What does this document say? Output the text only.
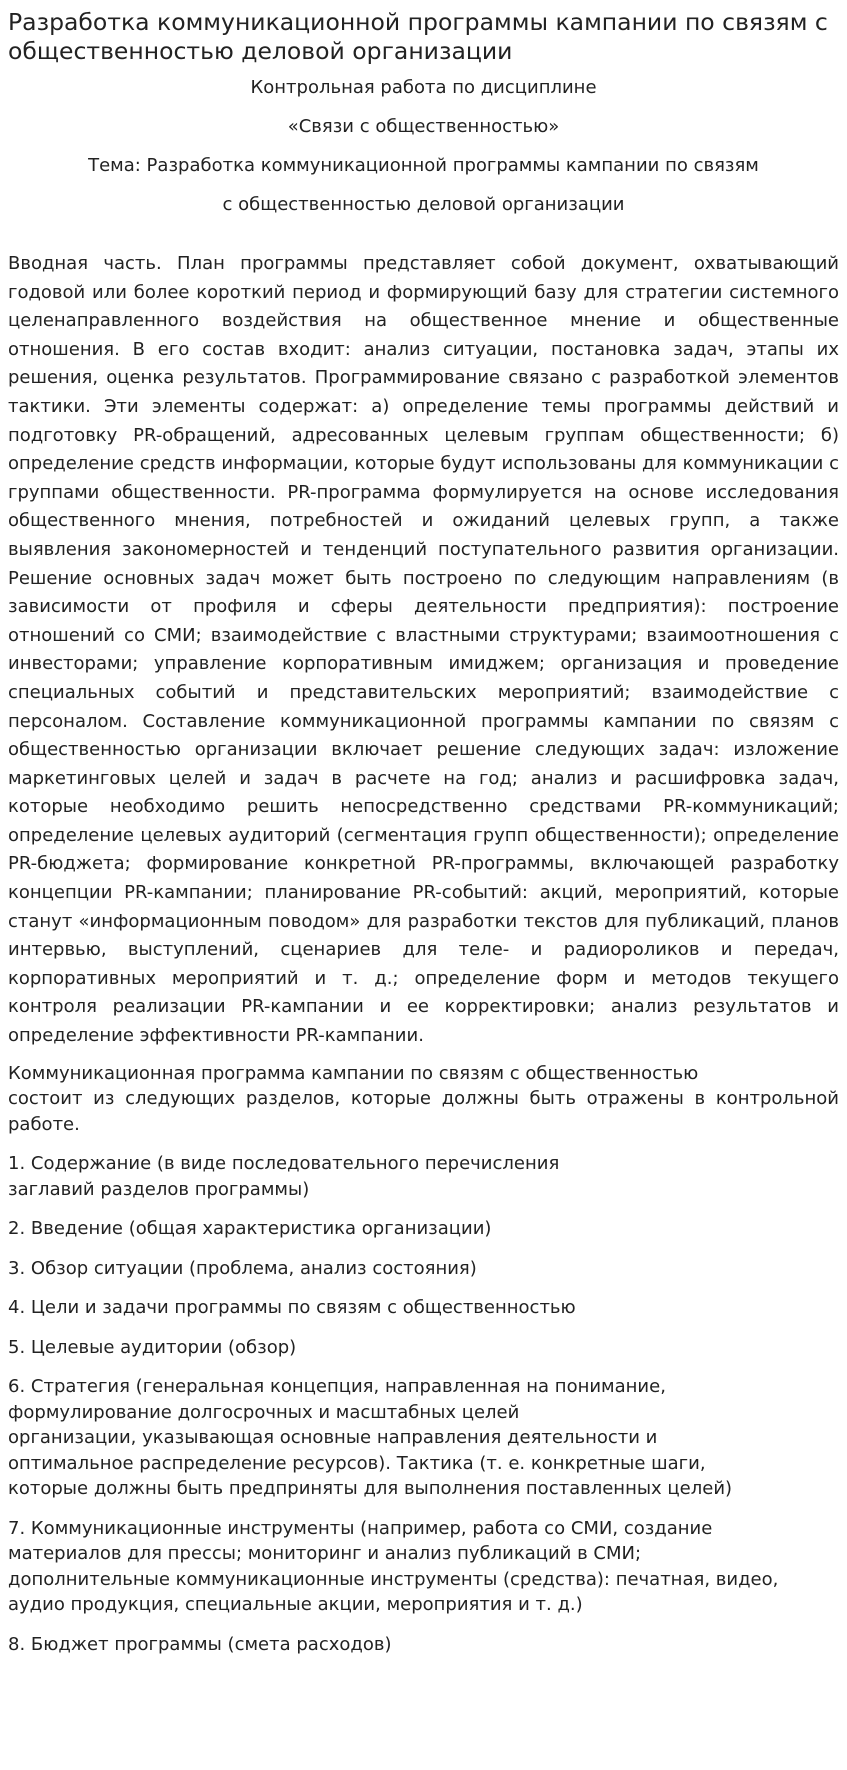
Разработка коммуникационной программы кампании по связям с общественностью деловой организации

Контрольная работа по дисциплине

«Связи с общественностью»

Тема: Разработка коммуникационной программы кампании по связям

с общественностью деловой организации

Вводная часть. План программы представляет собой документ, охватывающий годовой или более короткий период и формирующий базу для стратегии системного целенаправленного воздействия на общественное мнение и общественные отношения. В его состав входит: анализ ситуации, постановка задач, этапы их решения, оценка результатов. Программирование связано с разработкой элементов тактики. Эти элементы содержат: а) определение темы программы действий и подготовку PR-обращений, адресованных целевым группам общественности; б) определение средств информации, которые будут использованы для коммуникации с группами общественности. PR-программа формулируется на основе исследования общественного мнения, потребностей и ожиданий целевых групп, а также выявления закономерностей и тенденций поступательного развития организации. Решение основных задач может быть построено по следующим направлениям (в зависимости от профиля и сферы деятельности предприятия): построение отношений со СМИ; взаимодействие с властными структурами; взаимоотношения с инвесторами; управление корпоративным имиджем; организация и проведение специальных событий и представительских мероприятий; взаимодействие с персоналом. Составление коммуникационной программы кампании по связям с общественностью организации включает решение следующих задач: изложение маркетинговых целей и задач в расчете на год; анализ и расшифровка задач, которые необходимо решить непосредственно средствами PR-коммуникаций; определение целевых аудиторий (сегментация групп общественности); определение PR-бюджета; формирование конкретной PR-программы, включающей разработку концепции PR-кампании; планирование PR-событий: акций, мероприятий, которые станут «информационным поводом» для разработки текстов для публикаций, планов интервью, выступлений, сценариев для теле- и радиороликов и передач, корпоративных мероприятий и т. д.; определение форм и методов текущего контроля реализации PR-кампании и ее корректировки; анализ результатов и определение эффективности PR-кампании.

Коммуникационная программа кампании по связям с общественностью
состоит из следующих разделов, которые должны быть отражены в контрольной работе.

1. Содержание (в виде последовательного перечисления
заглавий разделов программы)

2. Введение (общая характеристика организации)

3. Обзор ситуации (проблема, анализ состояния)

4. Цели и задачи программы по связям с общественностью

5. Целевые аудитории (обзор)

6. Стратегия (генеральная концепция, направленная на понимание,
формулирование долгосрочных и масштабных целей
организации, указывающая основные направления деятельности и
оптимальное распределение ресурсов). Тактика (т. е. конкретные шаги,
которые должны быть предприняты для выполнения поставленных целей)

7. Коммуникационные инструменты (например, работа со СМИ, создание
материалов для прессы; мониторинг и анализ публикаций в СМИ;
дополнительные коммуникационные инструменты (средства): печатная, видео,
аудио продукция, специальные акции, мероприятия и т. д.)

8. Бюджет программы (смета расходов)
